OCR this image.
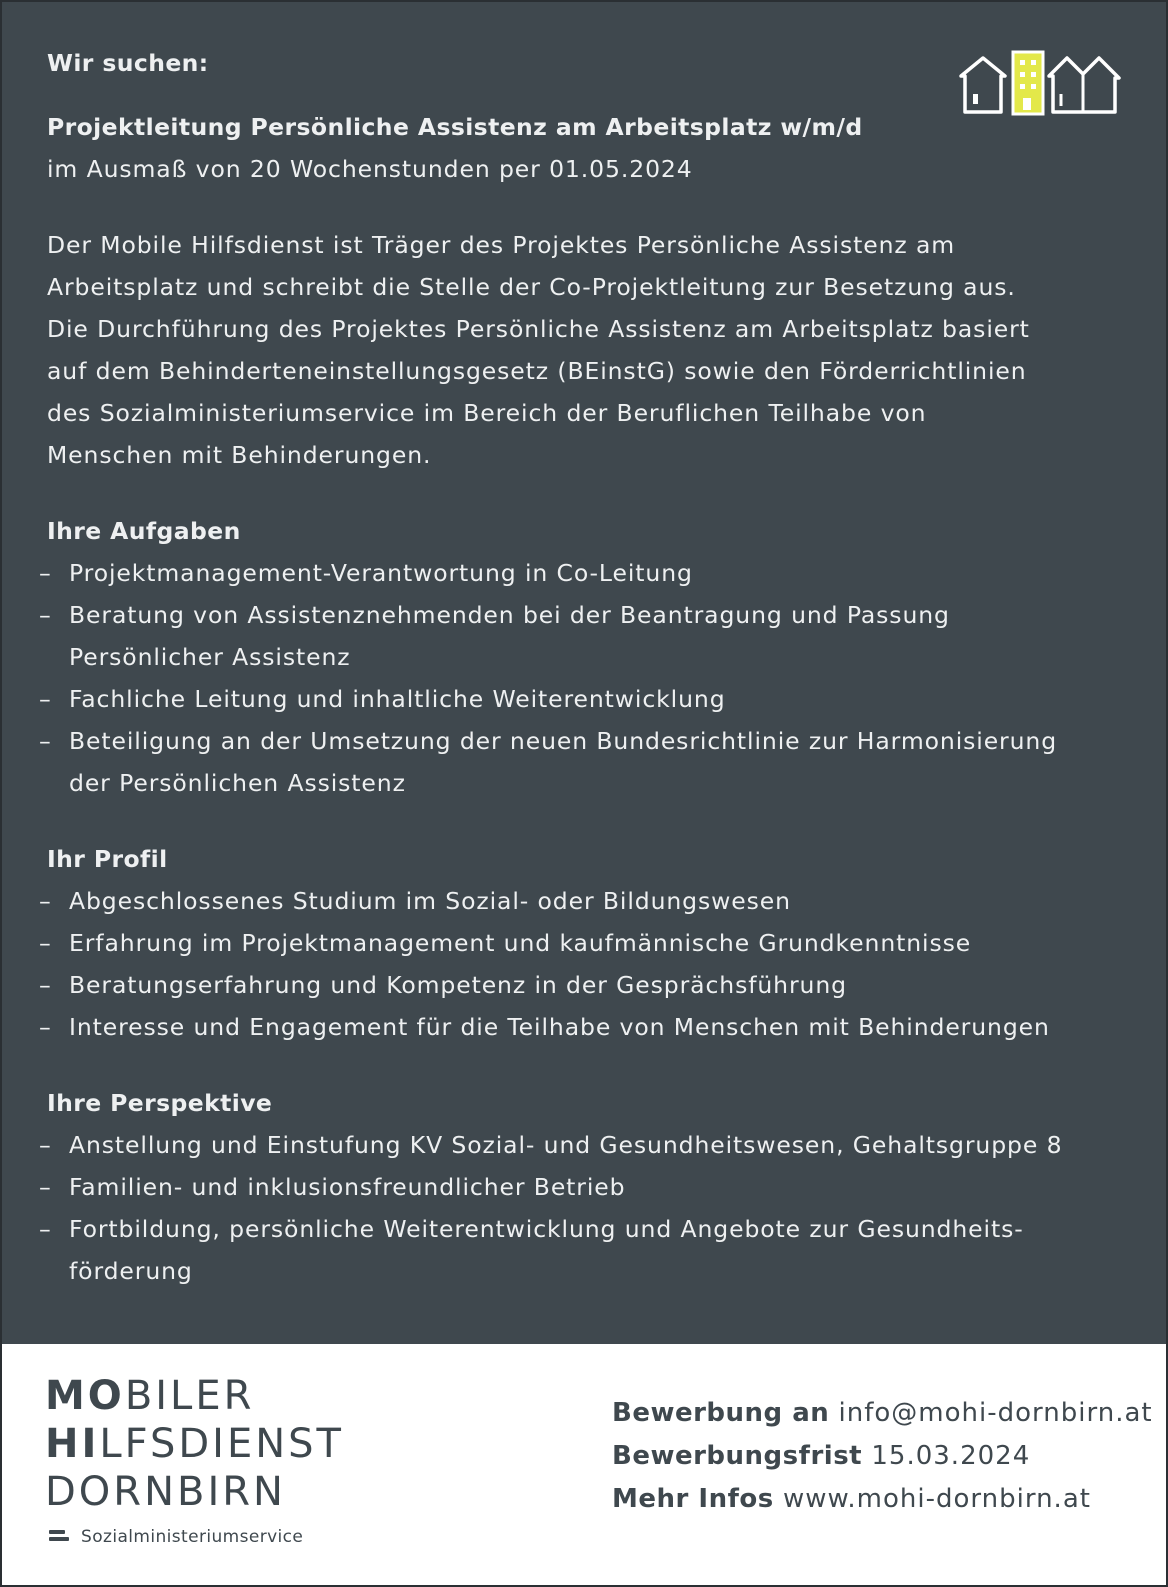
Wir suchen:
Projektleitung Persönliche Assistenz am Arbeitsplatz w/m/d
im Ausmaß von 20 Wochenstunden per 01.05.2024
Der Mobile Hilfsdienst ist Träger des Projektes Persönliche Assistenz am
Arbeitsplatz und schreibt die Stelle der Co-Projektleitung zur Besetzung aus.
Die Durchführung des Projektes Persönliche Assistenz am Arbeitsplatz basiert
auf dem Behinderteneinstellungsgesetz (BEinstG) sowie den Förderrichtlinien
des Sozialministeriumservice im Bereich der Beruflichen Teilhabe von
Menschen mit Behinderungen.
Ihre Aufgaben
– Projektmanagement-Verantwortung in Co-Leitung
– Beratung von Assistenznehmenden bei der Beantragung und Passung
Persönlicher Assistenz
– Fachliche Leitung und inhaltliche Weiterentwicklung
– Beteiligung an der Umsetzung der neuen Bundesrichtlinie zur Harmonisierung
der Persönlichen Assistenz
Ihr Profil
– Abgeschlossenes Studium im Sozial- oder Bildungswesen
– Erfahrung im Projektmanagement und kaufmännische Grundkenntnisse
– Beratungserfahrung und Kompetenz in der Gesprächsführung
– Interesse und Engagement für die Teilhabe von Menschen mit Behinderungen
Ihre Perspektive
– Anstellung und Einstufung KV Sozial- und Gesundheitswesen, Gehaltsgruppe 8
– Familien- und inklusionsfreundlicher Betrieb
– Fortbildung, persönliche Weiterentwicklung und Angebote zur Gesundheits-
förderung
MOBILER
HILFSDIENST
DORNBIRN
Sozialministeriumservice
Bewerbung an info@mohi-dornbirn.at
Bewerbungsfrist 15.03.2024
Mehr Infos www.mohi-dornbirn.at
